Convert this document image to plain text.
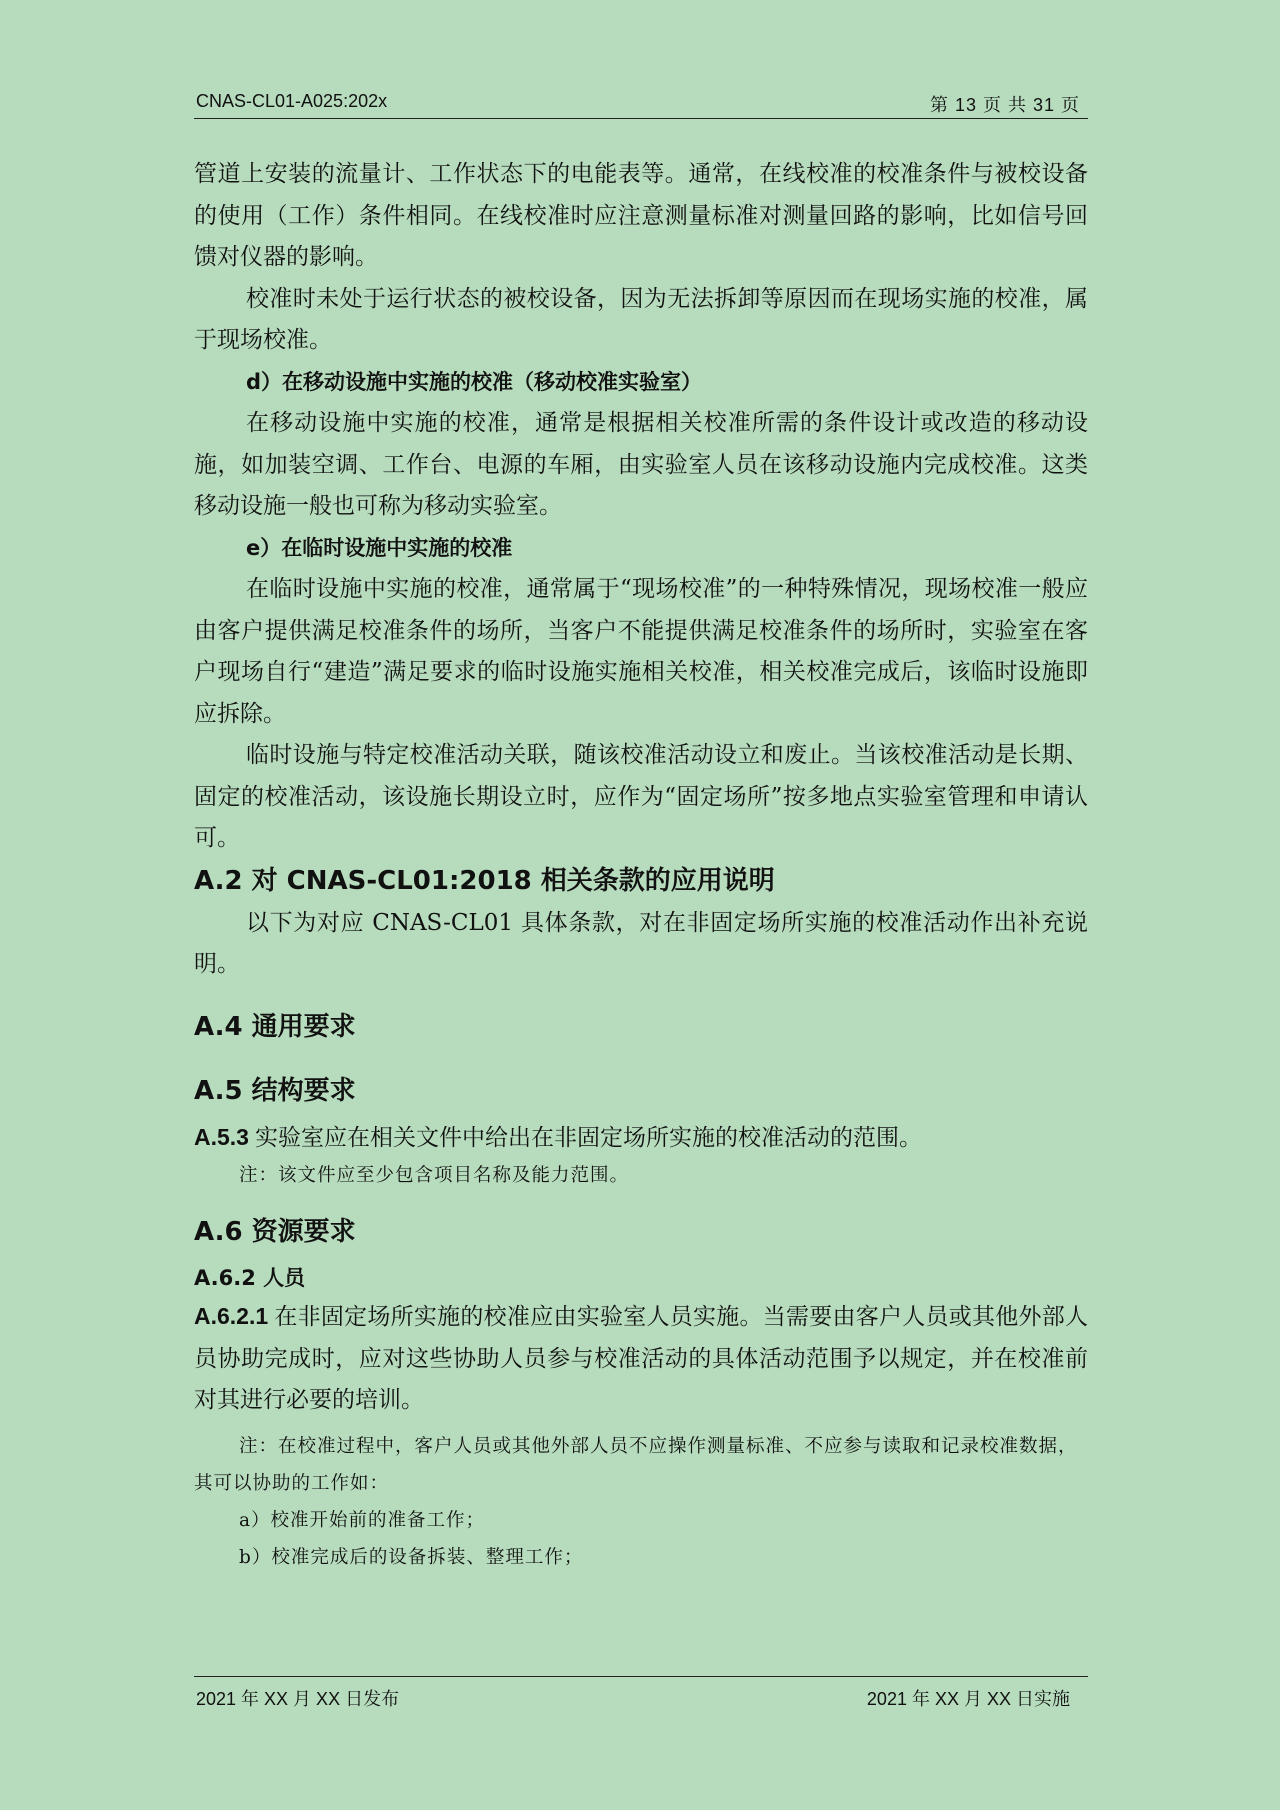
CNAS-CL01-A025:202x	第 13 页 共 31 页

管道上安装的流量计、工作状态下的电能表等。通常，在线校准的校准条件与被校设备的使用（工作）条件相同。在线校准时应注意测量标准对测量回路的影响，比如信号回馈对仪器的影响。

校准时未处于运行状态的被校设备，因为无法拆卸等原因而在现场实施的校准，属于现场校准。

d）在移动设施中实施的校准（移动校准实验室）

在移动设施中实施的校准，通常是根据相关校准所需的条件设计或改造的移动设施，如加装空调、工作台、电源的车厢，由实验室人员在该移动设施内完成校准。这类移动设施一般也可称为移动实验室。

e）在临时设施中实施的校准

在临时设施中实施的校准，通常属于“现场校准”的一种特殊情况，现场校准一般应由客户提供满足校准条件的场所，当客户不能提供满足校准条件的场所时，实验室在客户现场自行“建造”满足要求的临时设施实施相关校准，相关校准完成后，该临时设施即应拆除。

临时设施与特定校准活动关联，随该校准活动设立和废止。当该校准活动是长期、固定的校准活动，该设施长期设立时，应作为“固定场所”按多地点实验室管理和申请认可。

A.2 对 CNAS-CL01:2018 相关条款的应用说明

以下为对应 CNAS-CL01 具体条款，对在非固定场所实施的校准活动作出补充说明。

A.4 通用要求

A.5 结构要求

A.5.3 实验室应在相关文件中给出在非固定场所实施的校准活动的范围。

注：该文件应至少包含项目名称及能力范围。

A.6 资源要求

A.6.2 人员

A.6.2.1 在非固定场所实施的校准应由实验室人员实施。当需要由客户人员或其他外部人员协助完成时，应对这些协助人员参与校准活动的具体活动范围予以规定，并在校准前对其进行必要的培训。

注：在校准过程中，客户人员或其他外部人员不应操作测量标准、不应参与读取和记录校准数据，其可以协助的工作如：

a）校准开始前的准备工作；

b）校准完成后的设备拆装、整理工作；

2021 年 XX 月 XX 日发布	2021 年 XX 月 XX 日实施
